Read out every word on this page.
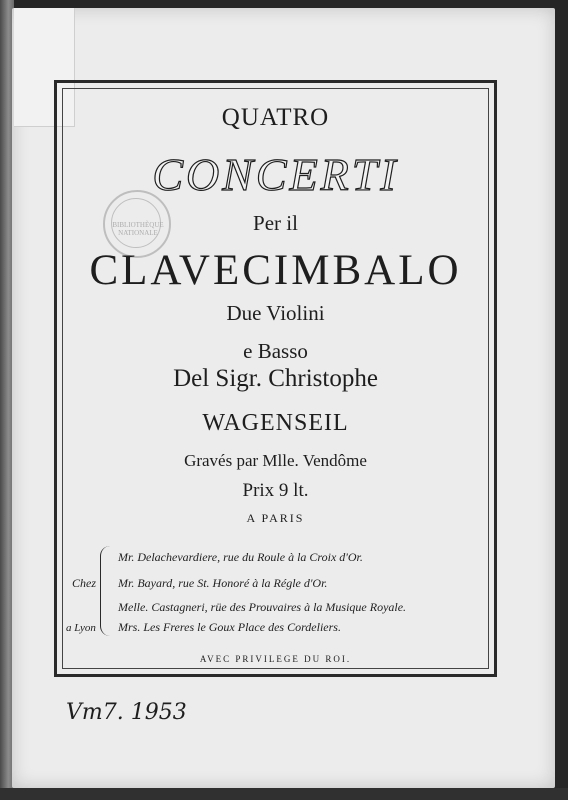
BIBLIOTHÈQUE NATIONALE
QUATRO
CONCERTI
Per il
CLAVECIMBALO
Due Violini
e Basso
Del Sigr. Christophe
WAGENSEIL
Gravés par Mlle. Vendôme
Prix 9 lt.
A PARIS
Chez
a Lyon
Mr. Delachevardiere, rue du Roule à la Croix d'Or.
Mr. Bayard, rue St. Honoré à la Régle d'Or.
Melle. Castagneri, rüe des Prouvaires à la Musique Royale.
Mrs. Les Freres le Goux Place des Cordeliers.
AVEC PRIVILEGE DU ROI.
Vm7. 1953
